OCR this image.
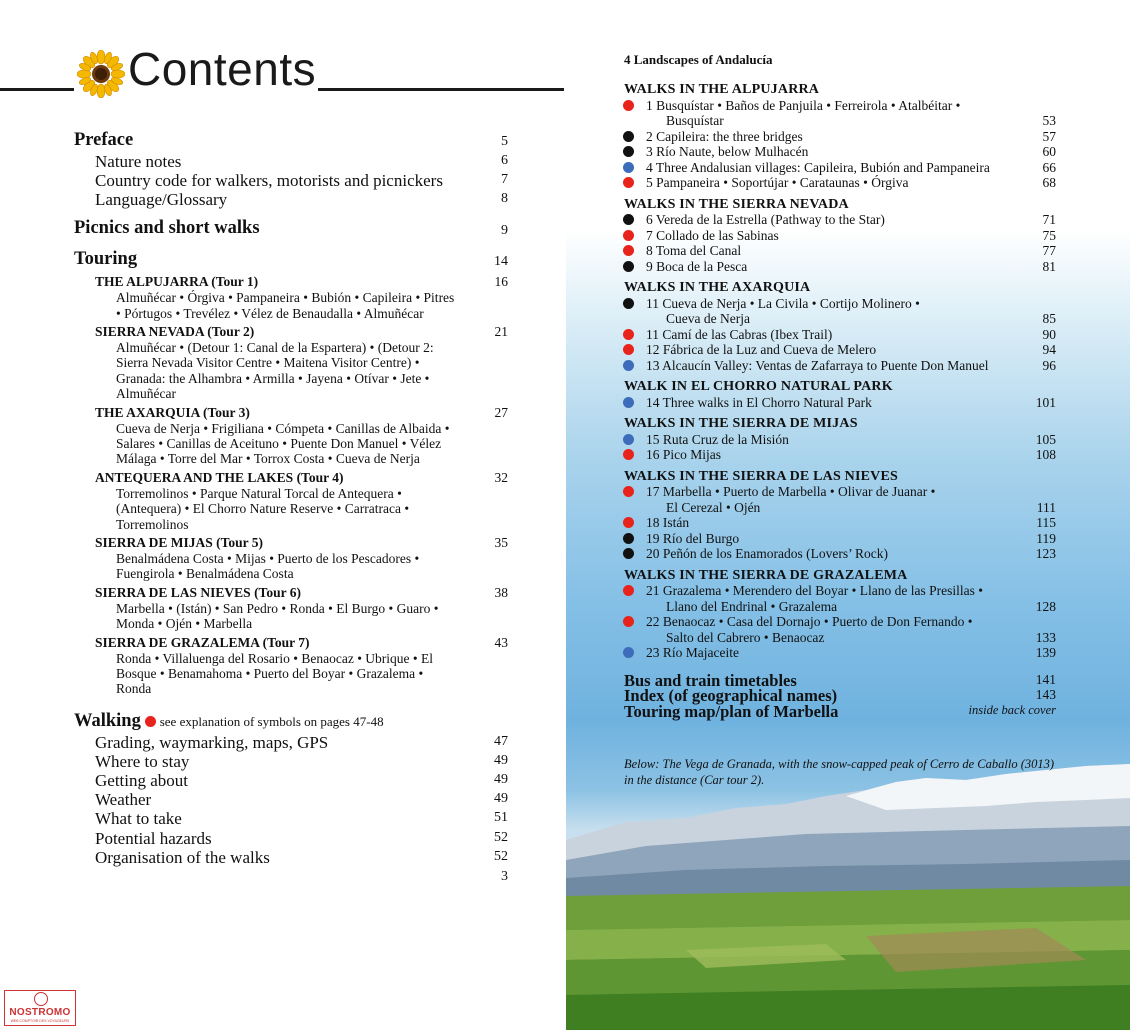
Contents
Preface	5
Nature notes	6
Country code for walkers, motorists and picnickers	7
Language/Glossary	8
Picnics and short walks	9
Touring	14
THE ALPUJARRA (Tour 1)	16
Almuñécar • Órgiva • Pampaneira • Bubión • Capileira • Pitres • Pórtugos • Trevélez • Vélez de Benaudalla • Almuñécar
SIERRA NEVADA (Tour 2)	21
Almuñécar • (Detour 1: Canal de la Espartera) • (Detour 2: Sierra Nevada Visitor Centre • Maitena Visitor Centre) • Granada: the Alhambra • Armilla • Jayena • Otívar • Jete • Almuñécar
THE AXARQUIA (Tour 3)	27
Cueva de Nerja • Frigiliana • Cómpeta • Canillas de Albaida • Salares • Canillas de Aceituno • Puente Don Manuel • Vélez Málaga • Torre del Mar • Torrox Costa • Cueva de Nerja
ANTEQUERA AND THE LAKES (Tour 4)	32
Torremolinos • Parque Natural Torcal de Antequera • (Antequera) • El Chorro Nature Reserve • Carratraca • Torremolinos
SIERRA DE MIJAS (Tour 5)	35
Benalmádena Costa • Mijas • Puerto de los Pescadores • Fuengirola • Benalmádena Costa
SIERRA DE LAS NIEVES (Tour 6)	38
Marbella • (Istán) • San Pedro • Ronda • El Burgo • Guaro • Monda • Ojén • Marbella
SIERRA DE GRAZALEMA (Tour 7)	43
Ronda • Villaluenga del Rosario • Benaocaz • Ubrique • El Bosque • Benamahoma • Puerto del Boyar • Grazalema • Ronda
Walking  see explanation of symbols on pages 47-48
Grading, waymarking, maps, GPS	47
Where to stay	49
Getting about	49
Weather	49
What to take	51
Potential hazards	52
Organisation of the walks	52
3
NOSTROMO
WEB COMPTOIR DES VOYAGEURS
WALKS IN THE ALPUJARRA
1 Busquístar • Baños de Panjuila • Ferreirola • Atalbéitar •
Busquístar	53
2 Capileira: the three bridges	57
3 Río Naute, below Mulhacén	60
4 Three Andalusian villages: Capileira, Bubión and Pampaneira	66
5 Pampaneira • Soportújar • Carataunas • Órgiva	68
WALKS IN THE SIERRA NEVADA
6 Vereda de la Estrella (Pathway to the Star)	71
7 Collado de las Sabinas	75
8 Toma del Canal	77
9 Boca de la Pesca	81
WALKS IN THE AXARQUIA
11 Cueva de Nerja • La Civila • Cortijo Molinero •
Cueva de Nerja	85
11 Camí de las Cabras (Ibex Trail)	90
12 Fábrica de la Luz and Cueva de Melero	94
13 Alcaucín Valley: Ventas de Zafarraya to Puente Don Manuel	96
WALK IN EL CHORRO NATURAL PARK
14 Three walks in El Chorro Natural Park	101
WALKS IN THE SIERRA DE MIJAS
15 Ruta Cruz de la Misión	105
16 Pico Mijas	108
WALKS IN THE SIERRA DE LAS NIEVES
17 Marbella • Puerto de Marbella • Olivar de Juanar •
El Cerezal • Ojén	111
18 Istán	115
19 Río del Burgo	119
20 Peñón de los Enamorados (Lovers’ Rock)	123
WALKS IN THE SIERRA DE GRAZALEMA
21 Grazalema • Merendero del Boyar • Llano de las Presillas •
Llano del Endrinal • Grazalema	128
22 Benaocaz • Casa del Dornajo • Puerto de Don Fernando •
Salto del Cabrero • Benaocaz	133
23 Río Majaceite	139
Bus and train timetables	141
Index (of geographical names)	143
Touring map/plan of Marbella	inside back cover
4 Landscapes of Andalucía
Below: The Vega de Granada, with the snow-capped peak of Cerro de Caballo (3013) in the distance (Car tour 2).
